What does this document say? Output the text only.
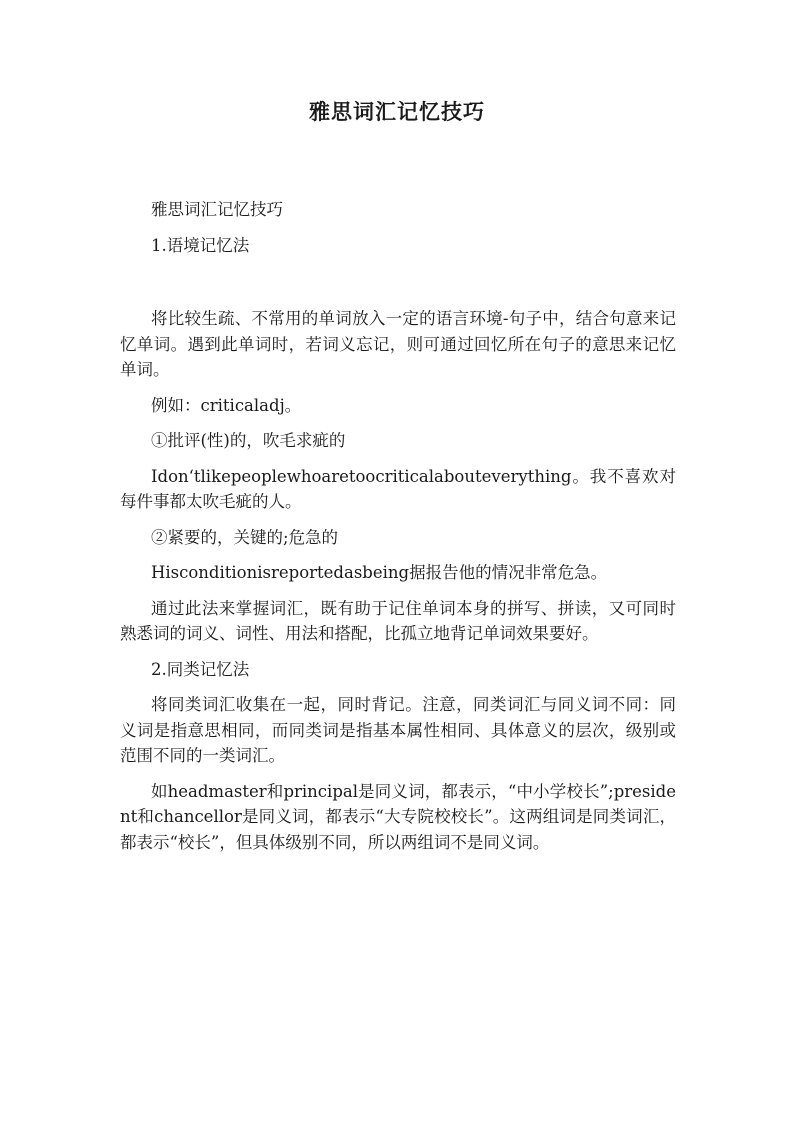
雅思词汇记忆技巧

雅思词汇记忆技巧

1.语境记忆法

将比较生疏、不常用的单词放入一定的语言环境-句子中，结合句意来记忆单词。遇到此单词时，若词义忘记，则可通过回忆所在句子的意思来记忆单词。

例如：criticaladj。

①批评(性)的，吹毛求疵的

Idon‘tlikepeoplewhoaretoocriticalabouteverything。我不喜欢对每件事都太吹毛疵的人。

②紧要的，关键的;危急的

Hisconditionisreportedasbeing据报告他的情况非常危急。

通过此法来掌握词汇，既有助于记住单词本身的拼写、拼读，又可同时熟悉词的词义、词性、用法和搭配，比孤立地背记单词效果要好。

2.同类记忆法

将同类词汇收集在一起，同时背记。注意，同类词汇与同义词不同：同义词是指意思相同，而同类词是指基本属性相同、具体意义的层次，级别或范围不同的一类词汇。

如headmaster和principal是同义词，都表示，“中小学校长”;president和chancellor是同义词，都表示“大专院校校长”。这两组词是同类词汇，都表示“校长”，但具体级别不同，所以两组词不是同义词。
